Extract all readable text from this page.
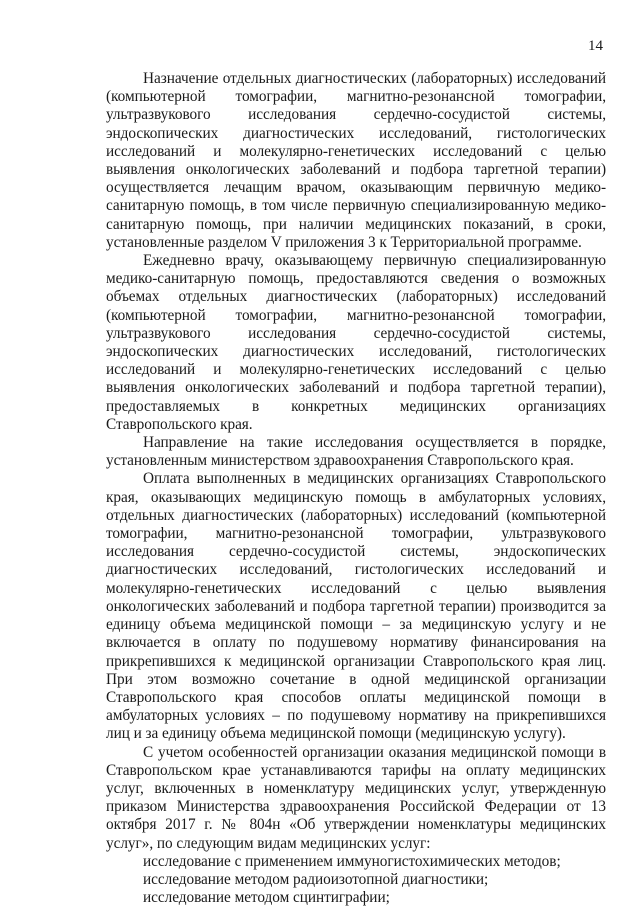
14

Назначение отдельных диагностических (лабораторных) исследований (компьютерной томографии, магнитно-резонансной томографии, ультразвукового исследования сердечно-сосудистой системы, эндоскопических диагностических исследований, гистологических исследований и молекулярно-генетических исследований с целью выявления онкологических заболеваний и подбора таргетной терапии) осуществляется лечащим врачом, оказывающим первичную медико-санитарную помощь, в том числе первичную специализированную медико-санитарную помощь, при наличии медицинских показаний, в сроки, установленные разделом V приложения 3 к Территориальной программе.

Ежедневно врачу, оказывающему первичную специализированную медико-санитарную помощь, предоставляются сведения о возможных объемах отдельных диагностических (лабораторных) исследований (компьютерной томографии, магнитно-резонансной томографии, ультразвукового исследования сердечно-сосудистой системы, эндоскопических диагностических исследований, гистологических исследований и молекулярно-генетических исследований с целью выявления онкологических заболеваний и подбора таргетной терапии), предоставляемых в конкретных медицинских организациях Ставропольского края.

Направление на такие исследования осуществляется в порядке, установленным министерством здравоохранения Ставропольского края.

Оплата выполненных в медицинских организациях Ставропольского края, оказывающих медицинскую помощь в амбулаторных условиях, отдельных диагностических (лабораторных) исследований (компьютерной томографии, магнитно-резонансной томографии, ультразвукового исследования сердечно-сосудистой системы, эндоскопических диагностических исследований, гистологических исследований и молекулярно-генетических исследований с целью выявления онкологических заболеваний и подбора таргетной терапии) производится за единицу объема медицинской помощи – за медицинскую услугу и не включается в оплату по подушевому нормативу финансирования на прикрепившихся к медицинской организации Ставропольского края лиц. При этом возможно сочетание в одной медицинской организации Ставропольского края способов оплаты медицинской помощи в амбулаторных условиях – по подушевому нормативу на прикрепившихся лиц и за единицу объема медицинской помощи (медицинскую услугу).

С учетом особенностей организации оказания медицинской помощи в Ставропольском крае устанавливаются тарифы на оплату медицинских услуг, включенных в номенклатуру медицинских услуг, утвержденную приказом Министерства здравоохранения Российской Федерации от 13 октября 2017 г. № 804н «Об утверждении номенклатуры медицинских услуг», по следующим видам медицинских услуг:

исследование с применением иммуногистохимических методов;
исследование методом радиоизотопной диагностики;
исследование методом сцинтиграфии;
